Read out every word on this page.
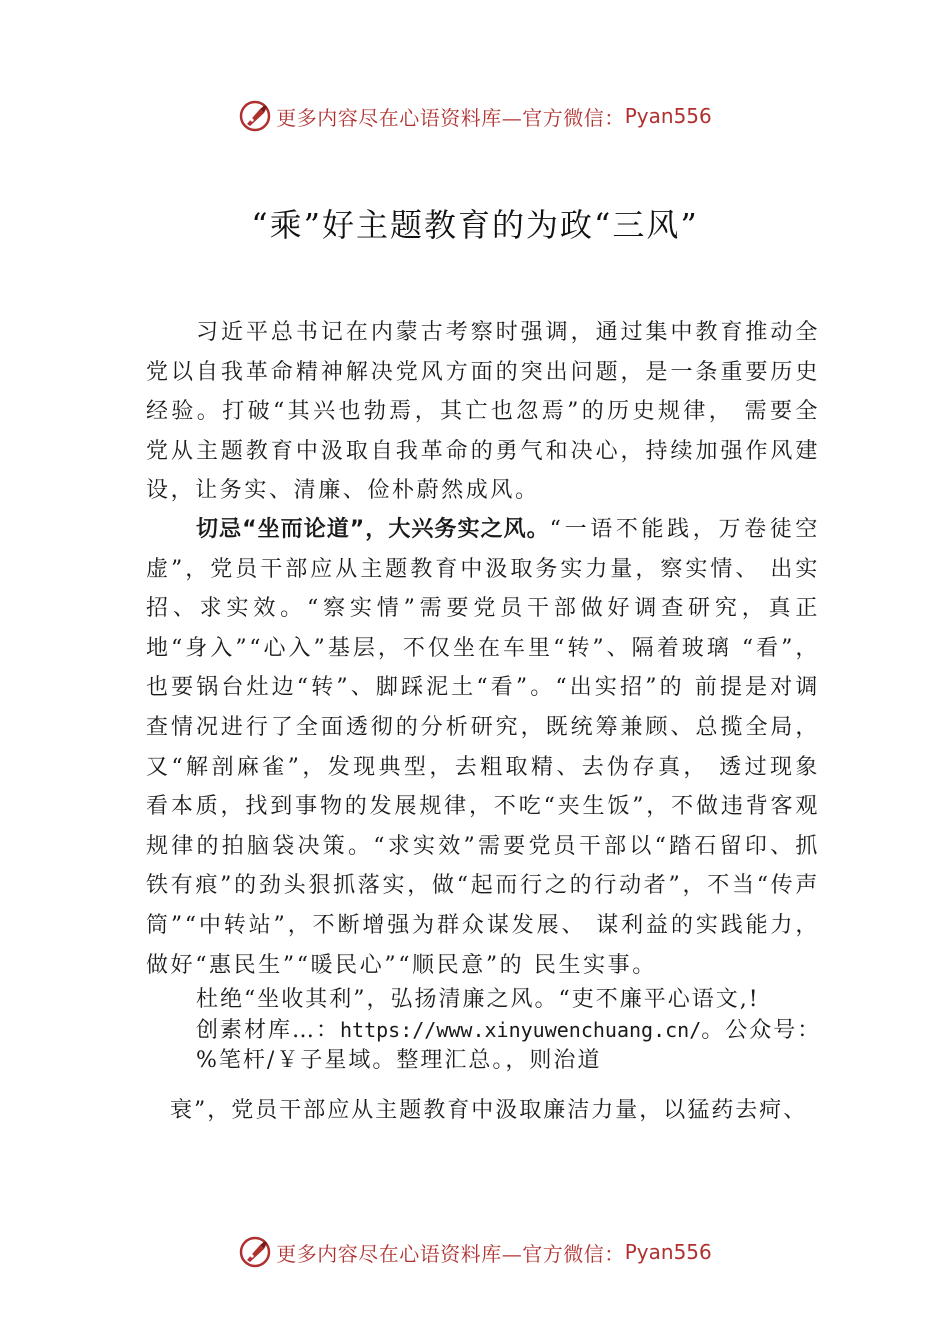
更多内容尽在心语资料库—官方微信： Pyan556
“乘”好主题教育的为政“三风”
习近平总书记在内蒙古考察时强调，通过集中教育推动全党以自我革命精神解决党风方面的突出问题，是一条重要历史经验。打破“其兴也勃焉，其亡也忽焉”的历史规律， 需要全党从主题教育中汲取自我革命的勇气和决心，持续加强作风建设，让务实、清廉、俭朴蔚然成风。
切忌“坐而论道”，大兴务实之风。“一语不能践，万卷徒空虚”，党员干部应从主题教育中汲取务实力量，察实情、 出实招、求实效。“察实情”需要党员干部做好调查研究，真正地“身入”“心入”基层，不仅坐在车里“转”、隔着玻璃 “看”，也要锅台灶边“转”、脚踩泥土“看”。“出实招”的 前提是对调查情况进行了全面透彻的分析研究，既统筹兼顾、总揽全局，又“解剖麻雀”，发现典型，去粗取精、去伪存真， 透过现象看本质，找到事物的发展规律，不吃“夹生饭”，不做违背客观规律的拍脑袋决策。“求实效”需要党员干部以“踏石留印、抓铁有痕”的劲头狠抓落实，做“起而行之的行动者”，不当“传声筒”“中转站”，不断增强为群众谋发展、 谋利益的实践能力，做好“惠民生”“暖民心”“顺民意”的 民生实事。
杜绝“坐收其利”，弘扬清廉之风。“吏不廉平心语文,!
创素材库…：https://www.xinyuwenchuang.cn/。公众号：
%笔杆/￥子星域。整理汇总。，则治道
衰”，党员干部应从主题教育中汲取廉洁力量，以猛药去疴、
更多内容尽在心语资料库—官方微信： Pyan556
